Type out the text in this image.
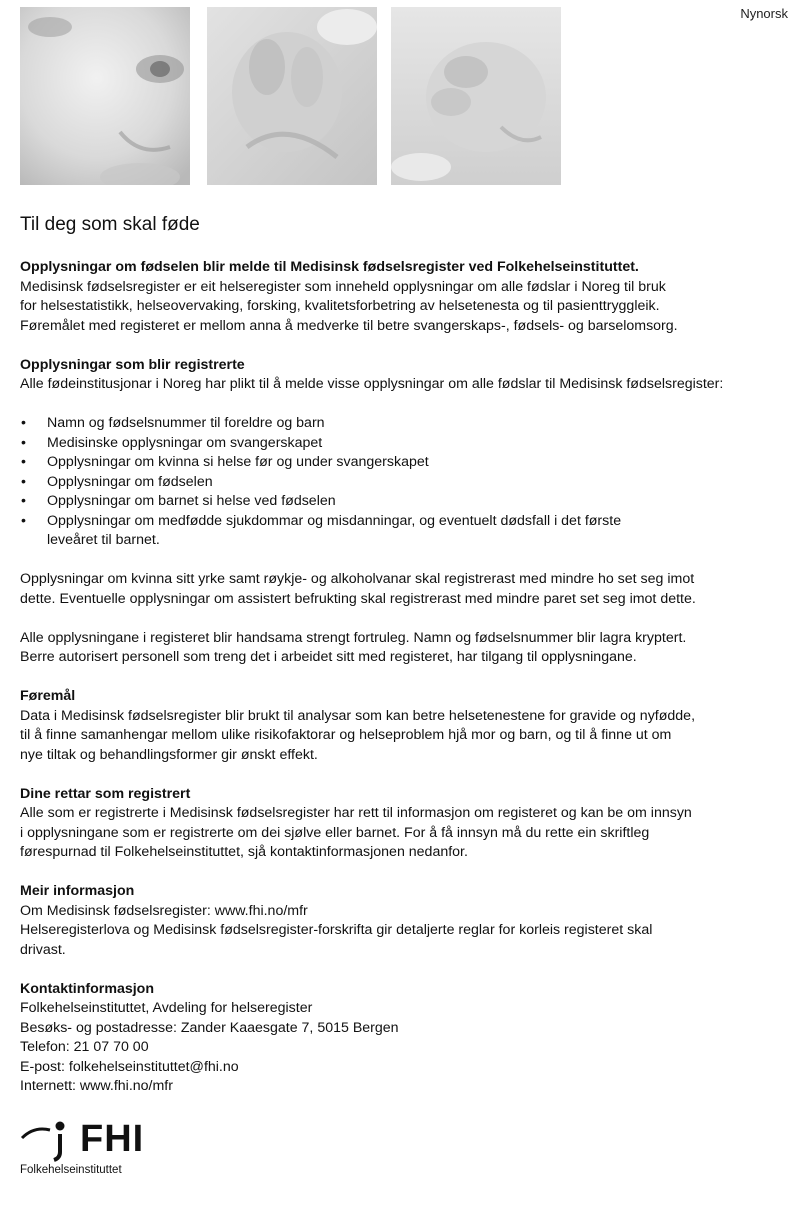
Nynorsk
Til deg som skal føde
Opplysningar om fødselen blir melde til Medisinsk fødselsregister ved Folkehelseinstituttet.

Medisinsk fødselsregister er eit helseregister som inneheld opplysningar om alle fødslar i Noreg til bruk

for helsestatistikk, helseovervaking, forsking, kvalitetsforbetring av helsetenesta og til pasienttryggleik.

Føremålet med registeret er mellom anna å medverke til betre svangerskaps-, fødsels- og barselomsorg.

Opplysningar som blir registrerte

Alle fødeinstitusjonar i Noreg har plikt til å melde visse opplysningar om alle fødslar til Medisinsk fødselsregister:

• Namn og fødselsnummer til foreldre og barn
• Medisinske opplysningar om svangerskapet
• Opplysningar om kvinna si helse før og under svangerskapet
• Opplysningar om fødselen
• Opplysningar om barnet si helse ved fødselen
• Opplysningar om medfødde sjukdommar og misdanningar, og eventuelt dødsfall i det første
leveåret til barnet.

Opplysningar om kvinna sitt yrke samt røykje- og alkoholvanar skal registrerast med mindre ho set seg imot

dette. Eventuelle opplysningar om assistert befrukting skal registrerast med mindre paret set seg imot dette.

Alle opplysningane i registeret blir handsama strengt fortruleg. Namn og fødselsnummer blir lagra kryptert.

Berre autorisert personell som treng det i arbeidet sitt med registeret, har tilgang til opplysningane.

Føremål

Data i Medisinsk fødselsregister blir brukt til analysar som kan betre helsetenestene for gravide og nyfødde,

til å finne samanhengar mellom ulike risikofaktorar og helseproblem hjå mor og barn, og til å finne ut om

nye tiltak og behandlingsformer gir ønskt effekt.

Dine rettar som registrert

Alle som er registrerte i Medisinsk fødselsregister har rett til informasjon om registeret og kan be om innsyn

i opplysningane som er registrerte om dei sjølve eller barnet. For å få innsyn må du rette ein skriftleg

førespurnad til Folkehelseinstituttet, sjå kontaktinformasjonen nedanfor.

Meir informasjon

Om Medisinsk fødselsregister: www.fhi.no/mfr

Helseregisterlova og Medisinsk fødselsregister-forskrifta gir detaljerte reglar for korleis registeret skal

drivast.

Kontaktinformasjon

Folkehelseinstituttet, Avdeling for helseregister

Besøks- og postadresse: Zander Kaaesgate 7, 5015 Bergen

Telefon: 21 07 70 00

E-post: folkehelseinstituttet@fhi.no

Internett: www.fhi.no/mfr

FHI
Folkehelseinstituttet
